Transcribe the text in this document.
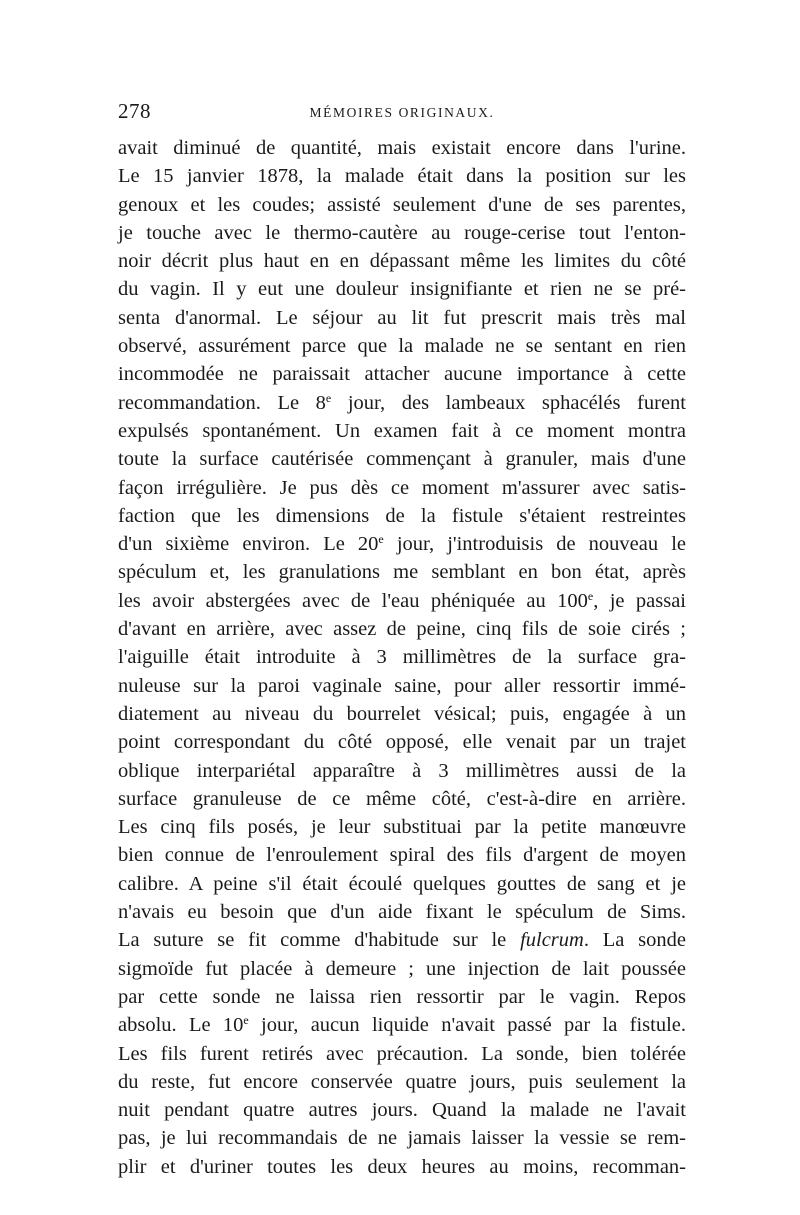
278	MÉMOIRES ORIGINAUX.
avait diminué de quantité, mais existait encore dans l'urine.
Le 15 janvier 1878, la malade était dans la position sur les
genoux et les coudes; assisté seulement d'une de ses parentes,
je touche avec le thermo-cautère au rouge-cerise tout l'enton-
noir décrit plus haut en en dépassant même les limites du côté
du vagin. Il y eut une douleur insignifiante et rien ne se pré-
senta d'anormal. Le séjour au lit fut prescrit mais très mal
observé, assurément parce que la malade ne se sentant en rien
incommodée ne paraissait attacher aucune importance à cette
recommandation. Le 8e jour, des lambeaux sphacélés furent
expulsés spontanément. Un examen fait à ce moment montra
toute la surface cautérisée commençant à granuler, mais d'une
façon irrégulière. Je pus dès ce moment m'assurer avec satis-
faction que les dimensions de la fistule s'étaient restreintes
d'un sixième environ. Le 20e jour, j'introduisis de nouveau le
spéculum et, les granulations me semblant en bon état, après
les avoir abstergées avec de l'eau phéniquée au 100e, je passai
d'avant en arrière, avec assez de peine, cinq fils de soie cirés ;
l'aiguille était introduite à 3 millimètres de la surface gra-
nuleuse sur la paroi vaginale saine, pour aller ressortir immé-
diatement au niveau du bourrelet vésical; puis, engagée à un
point correspondant du côté opposé, elle venait par un trajet
oblique interpariétal apparaître à 3 millimètres aussi de la
surface granuleuse de ce même côté, c'est-à-dire en arrière.
Les cinq fils posés, je leur substituai par la petite manœuvre
bien connue de l'enroulement spiral des fils d'argent de moyen
calibre. A peine s'il était écoulé quelques gouttes de sang et je
n'avais eu besoin que d'un aide fixant le spéculum de Sims.
La suture se fit comme d'habitude sur le fulcrum. La sonde
sigmoïde fut placée à demeure ; une injection de lait poussée
par cette sonde ne laissa rien ressortir par le vagin. Repos
absolu. Le 10e jour, aucun liquide n'avait passé par la fistule.
Les fils furent retirés avec précaution. La sonde, bien tolérée
du reste, fut encore conservée quatre jours, puis seulement la
nuit pendant quatre autres jours. Quand la malade ne l'avait
pas, je lui recommandais de ne jamais laisser la vessie se rem-
plir et d'uriner toutes les deux heures au moins, recomman-
